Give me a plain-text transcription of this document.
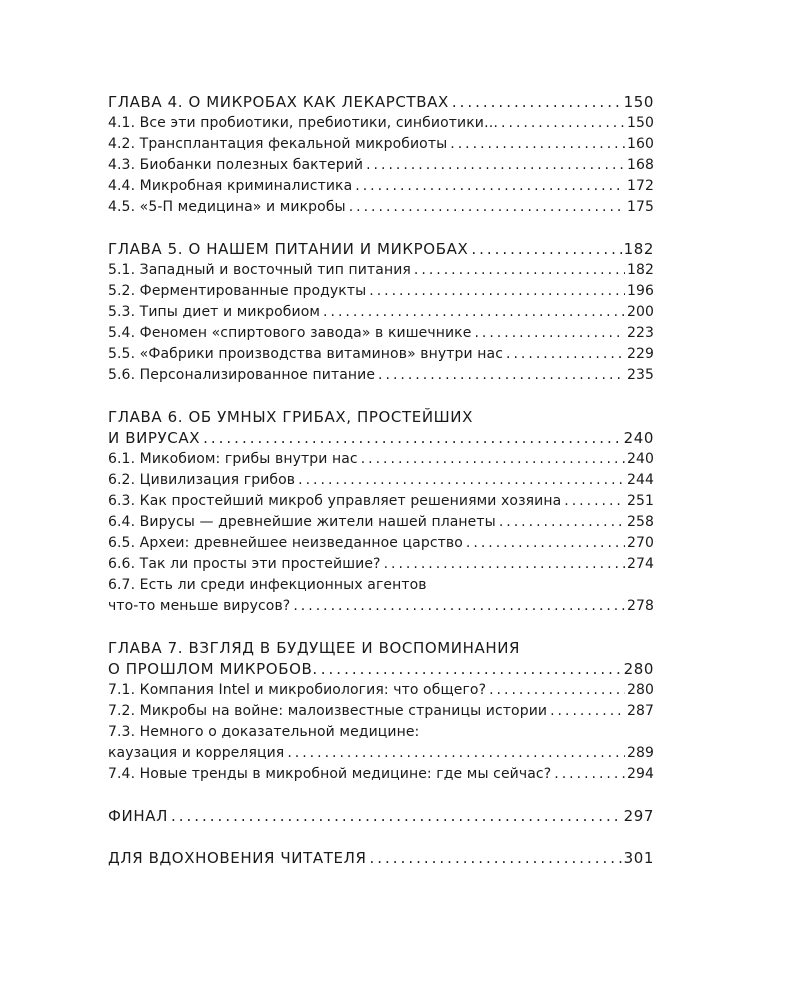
ГЛАВА 4. О МИКРОБАХ КАК ЛЕКАРСТВАХ .....	150
4.1. Все эти пробиотики, пребиотики, синбиотики… .....	150
4.2. Трансплантация фекальной микробиоты .....	160
4.3. Биобанки полезных бактерий .....	168
4.4. Микробная криминалистика .....	172
4.5. «5-П медицина» и микробы .....	175
ГЛАВА 5. О НАШЕМ ПИТАНИИ И МИКРОБАХ .....	182
5.1. Западный и восточный тип питания .....	182
5.2. Ферментированные продукты .....	196
5.3. Типы диет и микробиом .....	200
5.4. Феномен «спиртового завода» в кишечнике .....	223
5.5. «Фабрики производства витаминов» внутри нас .....	229
5.6. Персонализированное питание .....	235
ГЛАВА 6. ОБ УМНЫХ ГРИБАХ, ПРОСТЕЙШИХ
И ВИРУСАХ .....	240
6.1. Микобиом: грибы внутри нас .....	240
6.2. Цивилизация грибов .....	244
6.3. Как простейший микроб управляет решениями хозяина .....	251
6.4. Вирусы — древнейшие жители нашей планеты .....	258
6.5. Археи: древнейшее неизведанное царство .....	270
6.6. Так ли просты эти простейшие? .....	274
6.7. Есть ли среди инфекционных агентов
что-то меньше вирусов? .....	278
ГЛАВА 7. ВЗГЛЯД В БУДУЩЕЕ И ВОСПОМИНАНИЯ
О ПРОШЛОМ МИКРОБОВ. .....	280
7.1. Компания Intel и микробиология: что общего? .....	280
7.2. Микробы на войне: малоизвестные страницы истории .....	287
7.3. Немного о доказательной медицине:
каузация и корреляция .....	289
7.4. Новые тренды в микробной медицине: где мы сейчас? .....	294
ФИНАЛ .....	297
ДЛЯ ВДОХНОВЕНИЯ ЧИТАТЕЛЯ .....	301
